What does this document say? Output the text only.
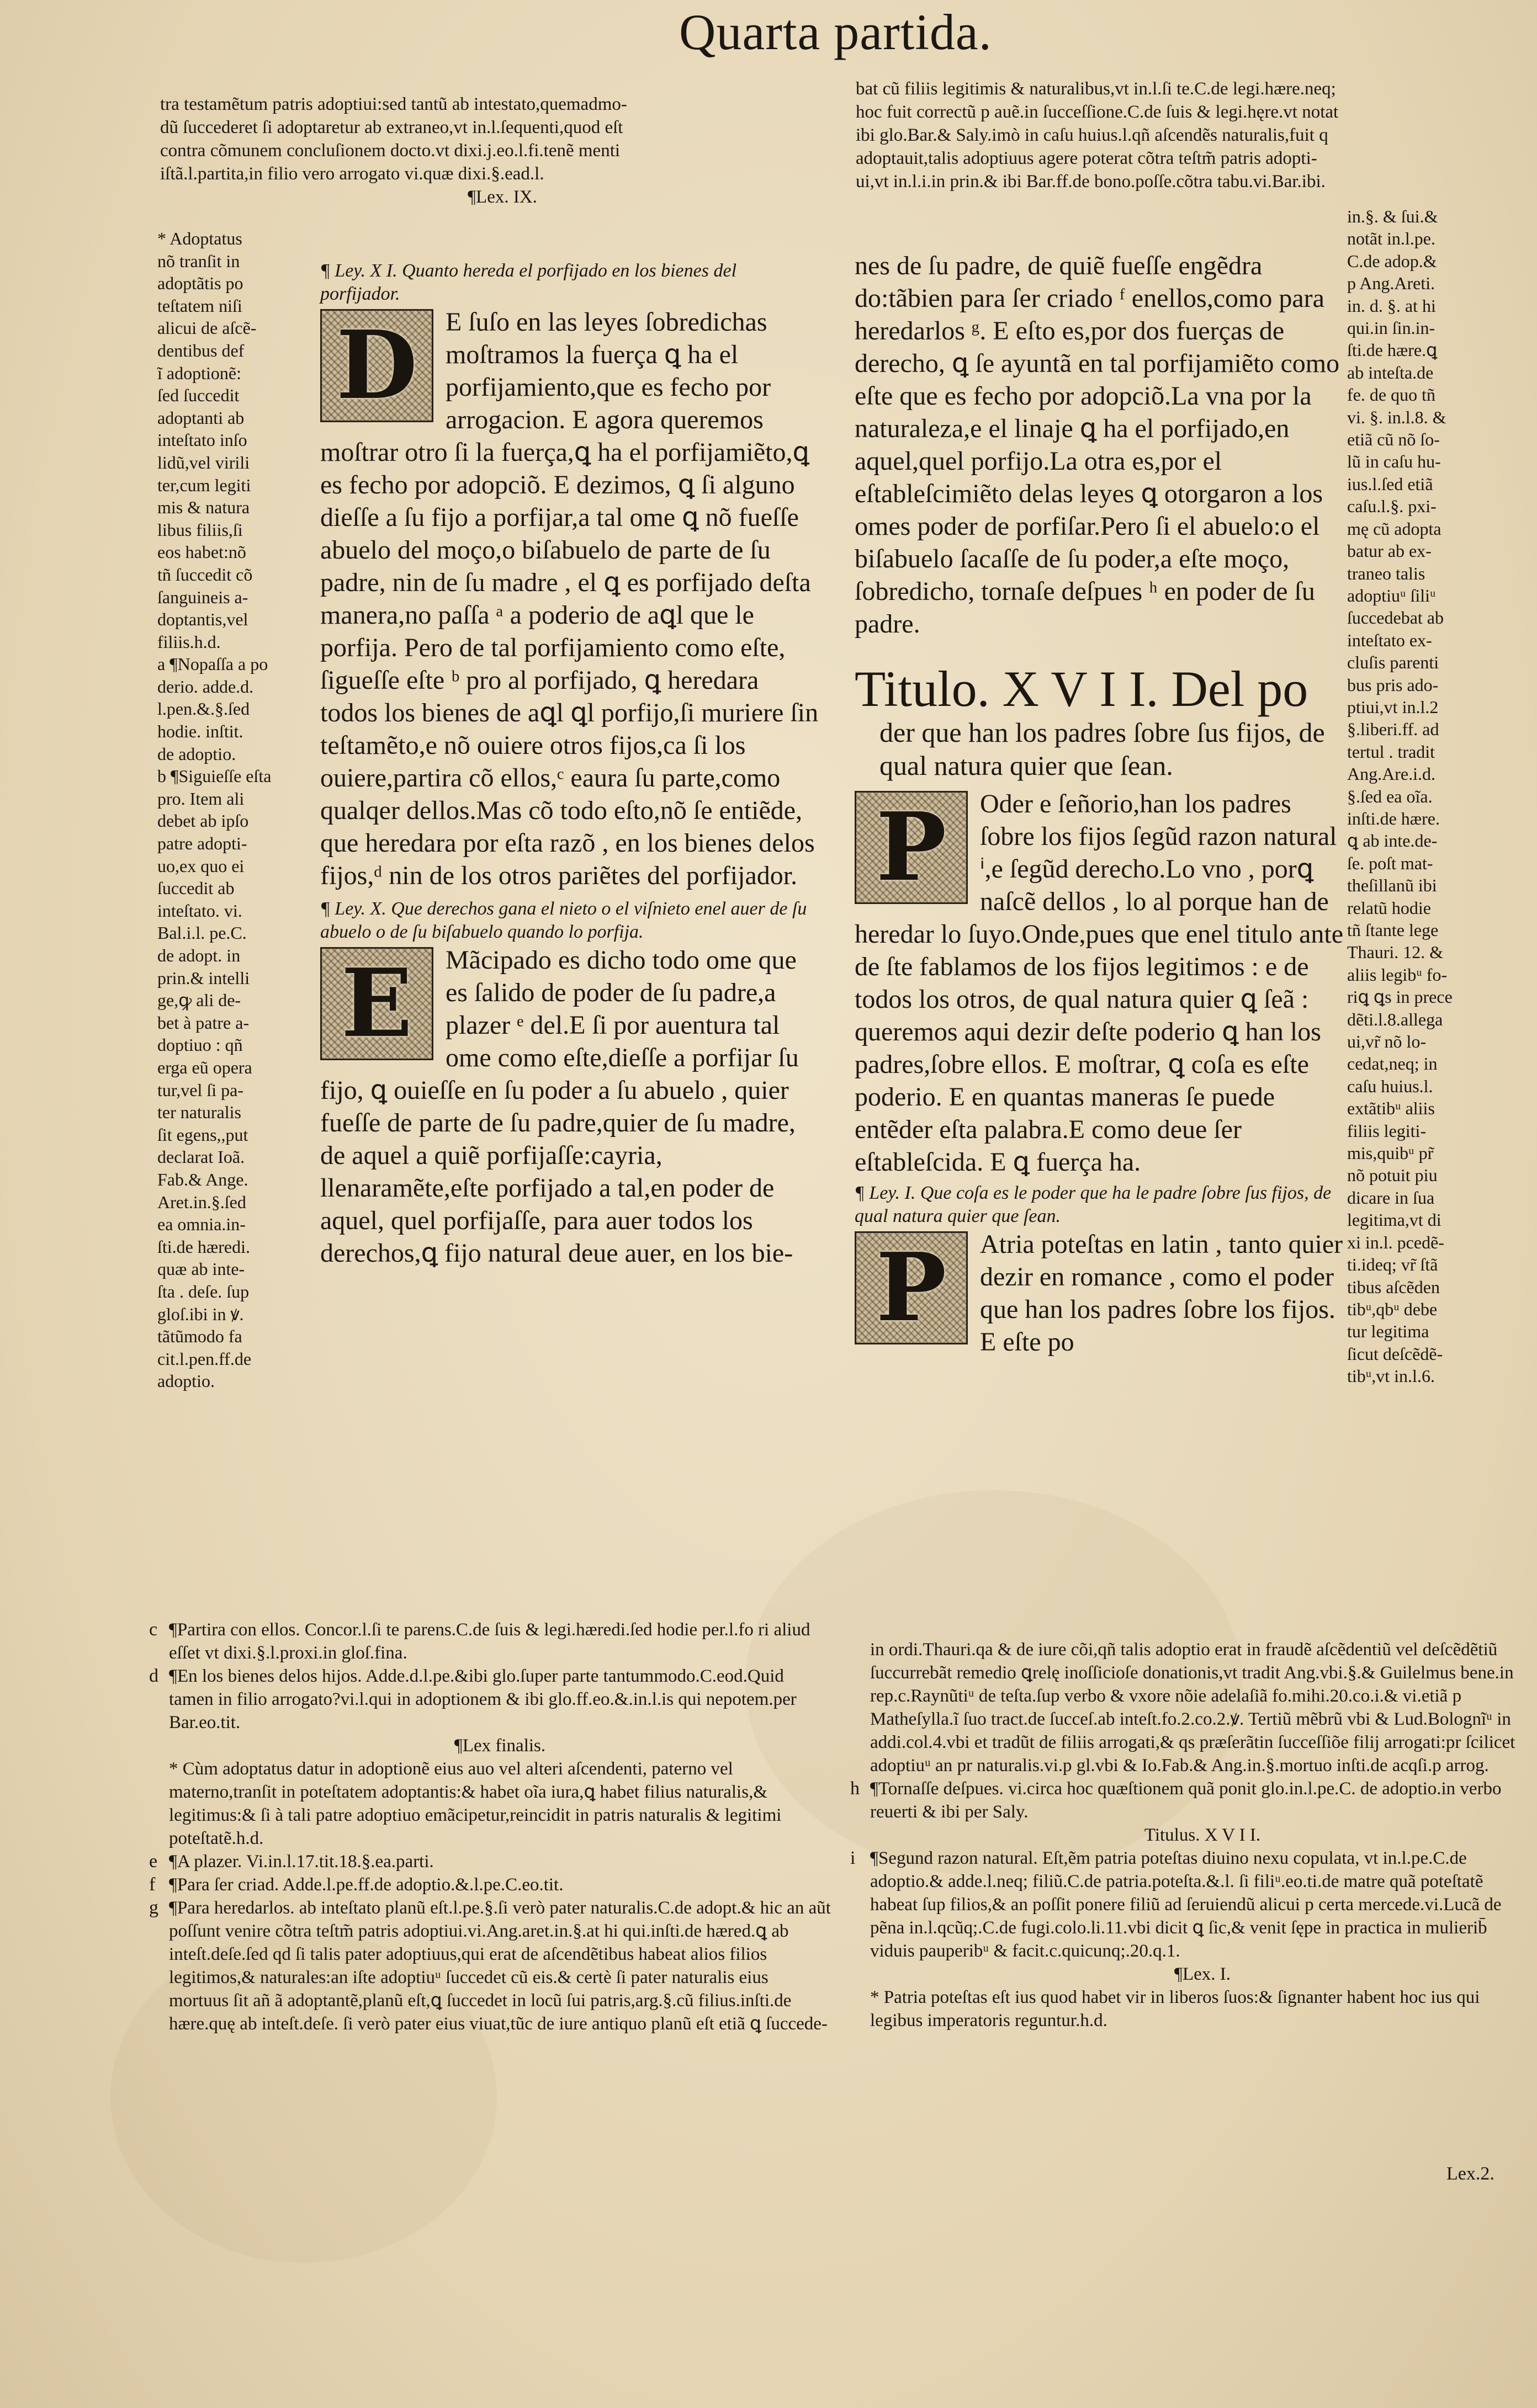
Quarta partida.

tra testamẽtum patris adoptiui:sed tantũ ab intestato,quemadmo-

dũ ſuccederet ſi adoptaretur ab extraneo,vt in.l.ſequenti,quod eſt

contra cõmunem concluſionem docto.vt dixi.j.eo.l.fi.tenẽ menti

iſtã.l.partita,in filio vero arrogato vi.quæ dixi.§.ead.l.

¶Lex. IX.

bat cũ filiis legitimis & naturalibus,vt in.l.ſi te.C.de legi.hære.neq;

hoc fuit correctũ p auẽ.in ſucceſſione.C.de ſuis & legi.hęre.vt notat

ibi glo.Bar.& Saly.imò in caſu huius.l.qñ aſcendẽs naturalis,fuit q

adoptauit,talis adoptiuus agere poterat cõtra teſtm̃ patris adopti-

ui,vt in.l.i.in prin.& ibi Bar.ff.de bono.poſſe.cõtra tabu.vi.Bar.ibi.

* Adoptatus

nõ tranſit in

adoptãtis po

teſtatem niſi

alicui de aſcẽ-

dentibus def

ĩ adoptionẽ:

ſed ſuccedit

adoptanti ab

inteſtato inſo

lidũ,vel virili

ter,cum legiti

mis & natura

libus filiis,ſi

eos habet:nõ

tñ ſuccedit cõ

ſanguineis a-

doptantis,vel

filiis.h.d.

a ¶Nopaſſa a po

derio. adde.d.

l.pen.&.§.ſed

hodie. inſtit.

de adoptio.

b ¶Siguieſſe eſta

pro. Item ali

debet ab ipſo

patre adopti-

uo,ex quo ei

ſuccedit ab

inteſtato. vi.

Bal.i.l. pe.C.

de adopt. in

prin.& intelli

ge,ꝙ ali de-

bet à patre a-

doptiuo : qñ

erga eũ opera

tur,vel ſi pa-

ter naturalis

ſit egens,,put

declarat Ioã.

Fab.& Ange.

Aret.in.§.ſed

ea omnia.in-

ſti.de hæredi.

quæ ab inte-

ſta . deſe. ſup

gloſ.ibi in ꝟ.

tãtũmodo fa

cit.l.pen.ff.de

adoptio.

in.§. & ſui.&

notãt in.l.pe.

C.de adop.&

p Ang.Areti.

in. d. §. at hi

qui.in ſin.in-

ſti.de hære.ꝗ

ab inteſta.de

fe. de quo tñ

vi. §. in.l.8. &

etiã cũ nõ ſo-

lũ in caſu hu-

ius.l.ſed etiã

caſu.l.§. pxi-

mę cũ adopta

batur ab ex-

traneo talis

adoptiuᵘ ſiliᵘ

ſuccedebat ab

inteſtato ex-

cluſis parenti

bus pris ado-

ptiui,vt in.l.2

§.liberi.ff. ad

tertul . tradit

Ang.Are.i.d.

§.ſed ea oĩa.

inſti.de hære.

ꝗ ab inte.de-

ſe. poſt mat-

theſillanũ ibi

relatũ hodie

tñ ſtante lege

Thauri. 12. &

aliis legibᵘ fo-

riꝗ ꝗs in prece

dẽti.l.8.allega

ui,vr̃ nõ lo-

cedat,neq; in

caſu huius.l.

extãtibᵘ aliis

filiis legiti-

mis,quibᵘ pr̃

nõ potuit piu

dicare in ſua

legitima,vt di

xi in.l. pcedẽ-

ti.ideq; vr̃ ſtã

tibus aſcẽden

tibᵘ,qbᵘ debe

tur legitima

ſicut deſcẽdẽ-

tibᵘ,vt in.l.6.

¶ Ley. X I. Quanto hereda el porfijado en los bienes del porfijador.

D	E ſuſo en las leyes ſobredichas moſtramos la fuerça ꝗ ha el porfijamiento,que es fecho por arrogacion. E agora queremos moſtrar otro ſi la fuerça,ꝗ ha el porfijamiẽto,ꝗ es fecho por adopciõ. E dezimos, ꝗ ſi alguno dieſſe a ſu fijo a porfijar,a tal ome ꝗ nõ fueſſe abuelo del moço,o biſabuelo de parte de ſu padre, nin de ſu madre , el ꝗ es porfijado deſta manera,no paſſa ᵃ a poderio de aꝗl que le porfija. Pero de tal porfijamiento como eſte, ſigueſſe eſte ᵇ pro al porfijado, ꝗ heredara todos los bienes de aꝗl ꝗl porfijo,ſi muriere ſin teſtamẽto,e nõ ouiere otros fijos,ca ſi los ouiere,partira cõ ellos,ᶜ eaura ſu parte,como qualqer dellos.Mas cõ todo eſto,nõ ſe entiẽde, que heredara por eſta razõ , en los bienes delos fijos,ᵈ nin de los otros pariẽtes del porfijador.

¶ Ley. X. Que derechos gana el nieto o el viſnieto enel auer de ſu abuelo o de ſu biſabuelo quando lo porfija.

E	Mãcipado es dicho todo ome que es ſalido de poder de ſu padre,a plazer ᵉ del.E ſi por auentura tal ome como eſte,dieſſe a porfijar ſu fijo, ꝗ ouieſſe en ſu poder a ſu abuelo , quier fueſſe de parte de ſu padre,quier de ſu madre, de aquel a quiẽ porfijaſſe:cayria, llenaramẽte,eſte porfijado a tal,en poder de aquel, quel porfijaſſe, para auer todos los derechos,ꝗ fijo natural deue auer, en los bie-

nes de ſu padre, de quiẽ fueſſe engẽdra do:tãbien para ſer criado ᶠ enellos,como para heredarlos ᵍ. E eſto es,por dos fuerças de derecho, ꝗ ſe ayuntã en tal porfijamiẽto como eſte que es fecho por adopciõ.La vna por la naturaleza,e el linaje ꝗ ha el porfijado,en aquel,quel porfijo.La otra es,por el eſtableſcimiẽto delas leyes ꝗ otorgaron a los omes poder de porfiſar.Pero ſi el abuelo:o el biſabuelo ſacaſſe de ſu poder,a eſte moço, ſobredicho, tornaſe deſpues ʰ en poder de ſu padre.

Titulo. X V I I. Del po

der que han los padres ſobre ſus fijos, de qual natura quier que ſean.

P	Oder e ſeñorio,han los padres ſobre los fijos ſegũd razon natural ⁱ,e ſegũd derecho.Lo vno , porꝗ naſcẽ dellos , lo al porque han de heredar lo ſuyo.Onde,pues que enel titulo ante de ſte fablamos de los fijos legitimos : e de todos los otros, de qual natura quier ꝗ ſeã : queremos aqui dezir deſte poderio ꝗ han los padres,ſobre ellos. E moſtrar, ꝗ coſa es eſte poderio. E en quantas maneras ſe puede entẽder eſta palabra.E como deue ſer eſtableſcida. E ꝗ fuerça ha.

¶ Ley. I. Que coſa es le poder que ha le padre ſobre ſus fijos, de qual natura quier que ſean.

P	Atria poteſtas en latin , tanto quier dezir en romance , como el poder que han los padres ſobre los fijos. E eſte po
c ¶Partira con ellos. Concor.l.ſi te parens.C.de ſuis & legi.hæredi.ſed hodie per.l.fo ri aliud eſſet vt dixi.§.l.proxi.in gloſ.fina.
d ¶En los bienes delos hijos. Adde.d.l.pe.&ibi glo.ſuper parte tantummodo.C.eod.Quid tamen in filio arrogato?vi.l.qui in adoptionem & ibi glo.ff.eo.&.in.l.is qui nepotem.per Bar.eo.tit.
¶Lex finalis.
* Cùm adoptatus datur in adoptionẽ eius auo vel alteri aſcendenti, paterno vel materno,tranſit in poteſtatem adoptantis:& habet oĩa iura,ꝗ habet filius naturalis,& legitimus:& ſi à tali patre adoptiuo emãcipetur,reincidit in patris naturalis & legitimi poteſtatẽ.h.d.
e ¶A plazer. Vi.in.l.17.tit.18.§.ea.parti.
f ¶Para ſer criad. Adde.l.pe.ff.de adoptio.&.l.pe.C.eo.tit.
g ¶Para heredarlos. ab inteſtato planũ eſt.l.pe.§.ſi verò pater naturalis.C.de adopt.& hic an aũt poſſunt venire cõtra teſtm̃ patris adoptiui.vi.Ang.aret.in.§.at hi qui.inſti.de hæred.ꝗ ab inteſt.deſe.ſed qd ſi talis pater adoptiuus,qui erat de aſcendẽtibus habeat alios filios legitimos,& naturales:an iſte adoptiuᵘ ſuccedet cũ eis.& certè ſi pater naturalis eius mortuus ſit añ ã adoptantẽ,planũ eſt,ꝗ ſuccedet in locũ ſui patris,arg.§.cũ filius.inſti.de hære.quę ab inteſt.deſe. ſi verò pater eius viuat,tũc de iure antiquo planũ eſt etiã ꝗ ſuccede-
in ordi.Thauri.qa & de iure cõi,qñ talis adoptio erat in fraudẽ aſcẽdentiũ vel deſcẽdẽtiũ ſuccurrebãt remedio ꝗrelę inoſſicioſe donationis,vt tradit Ang.vbi.§.& Guilelmus bene.in rep.c.Raynũtiᵘ de teſta.ſup verbo & vxore nõie adelaſiã fo.mihi.20.co.i.& vi.etiã p Matheſylla.ĩ ſuo tract.de ſucceſ.ab inteſt.fo.2.co.2.ꝟ. Tertiũ mẽbrũ vbi & Lud.Bolognĩᵘ in addi.col.4.vbi et tradũt de filiis arrogati,& qs præſerãtin ſucceſſiõe filij arrogati:pr ſcilicet adoptiuᵘ an pr naturalis.vi.p gl.vbi & Io.Fab.& Ang.in.§.mortuo inſti.de acqſi.p arrog.
h ¶Tornaſſe deſpues. vi.circa hoc quæſtionem quã ponit glo.in.l.pe.C. de adoptio.in verbo reuerti & ibi per Saly.
Titulus. X V I I.
i ¶Segund razon natural. Eſt,ẽm patria poteſtas diuino nexu copulata, vt in.l.pe.C.de adoptio.& adde.l.neq; filiũ.C.de patria.poteſta.&.l. ſi filiᵘ.eo.ti.de matre quã poteſtatẽ habeat ſup filios,& an poſſit ponere filiũ ad ſeruiendũ alicui p certa mercede.vi.Lucã de pẽna in.l.qcũq;.C.de fugi.colo.li.11.vbi dicit ꝗ ſic,& venit ſępe in practica in mulierib̄ viduis pauperibᵘ & facit.c.quicunq;.20.q.1.
¶Lex. I.
* Patria poteſtas eſt ius quod habet vir in liberos ſuos:& ſignanter habent hoc ius qui legibus imperatoris reguntur.h.d.
Lex.2.
